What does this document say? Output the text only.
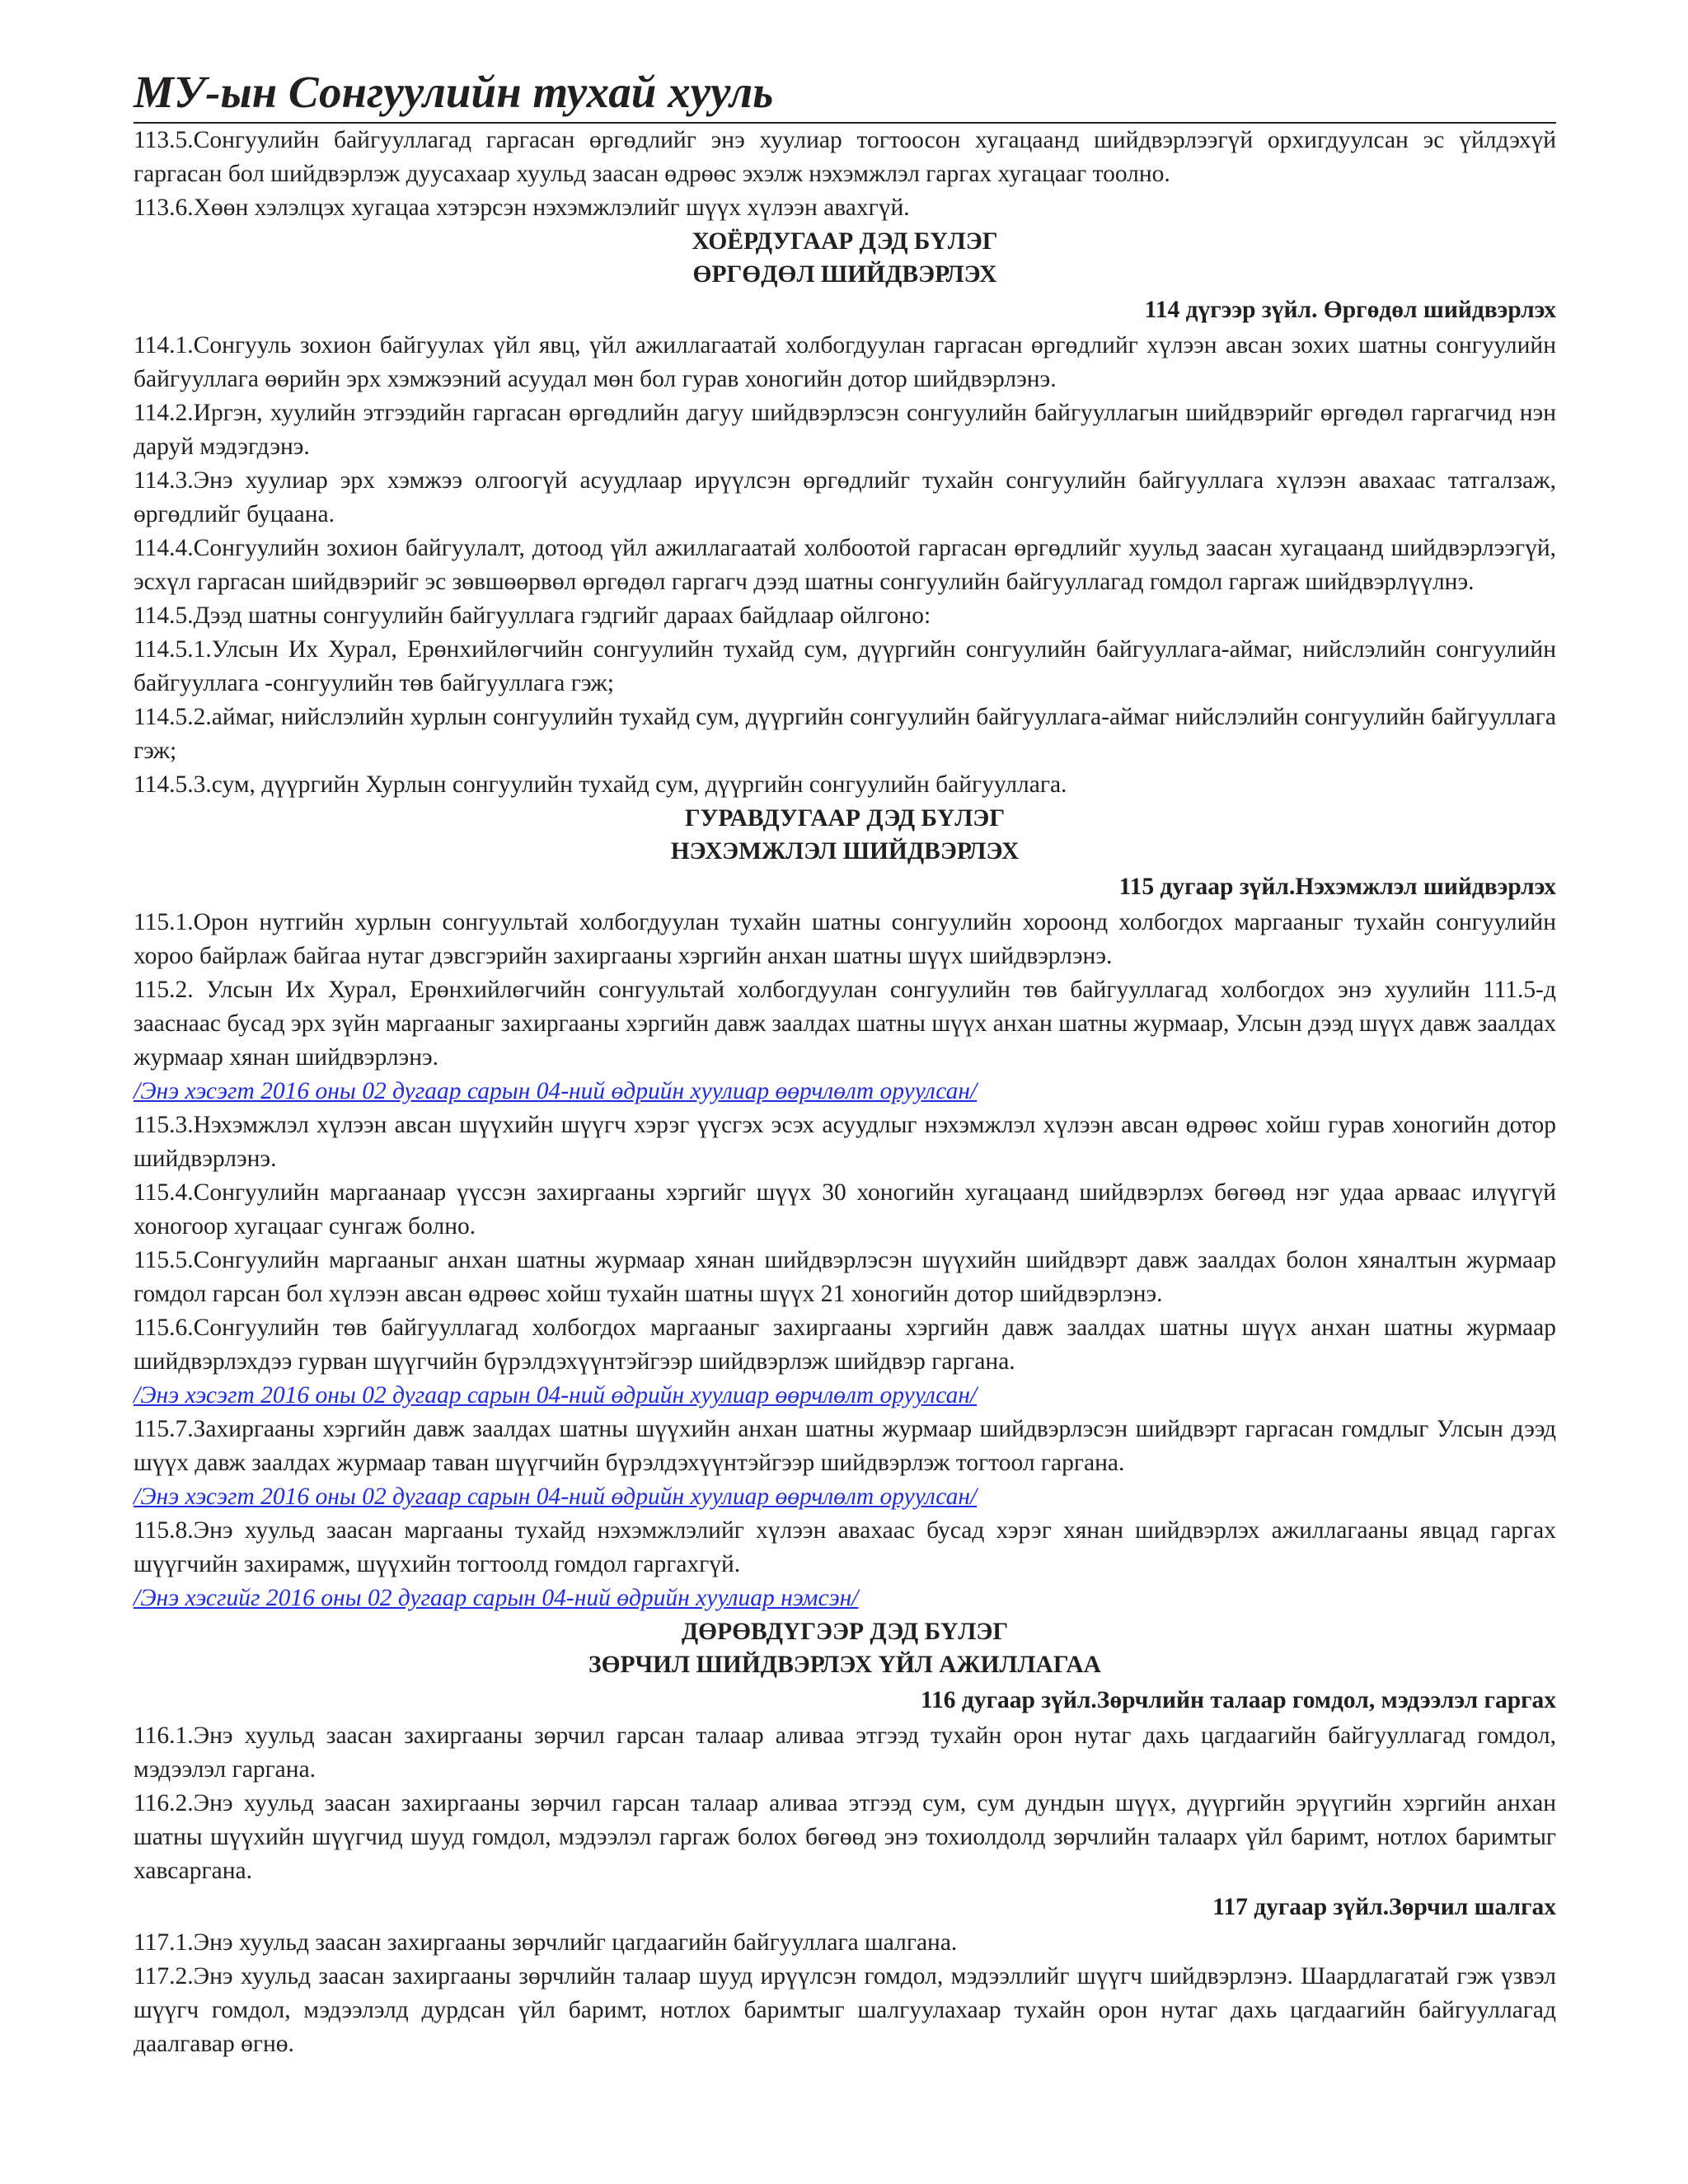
МУ-ын Сонгуулийн тухай хууль

113.5.Сонгуулийн байгууллагад гаргасан өргөдлийг энэ хуулиар тогтоосон хугацаанд шийдвэрлээгүй орхигдуулсан эс үйлдэхүй гаргасан бол шийдвэрлэж дуусахаар хуульд заасан өдрөөс эхэлж нэхэмжлэл гаргах хугацааг тоолно.

113.6.Хөөн хэлэлцэх хугацаа хэтэрсэн нэхэмжлэлийг шүүх хүлээн авахгүй.

ХОЁРДУГААР ДЭД БҮЛЭГ

ӨРГӨДӨЛ ШИЙДВЭРЛЭХ

114 дүгээр зүйл. Өргөдөл шийдвэрлэх

114.1.Сонгууль зохион байгуулах үйл явц, үйл ажиллагаатай холбогдуулан гаргасан өргөдлийг хүлээн авсан зохих шатны сонгуулийн байгууллага өөрийн эрх хэмжээний асуудал мөн бол гурав хоногийн дотор шийдвэрлэнэ.

114.2.Иргэн, хуулийн этгээдийн гаргасан өргөдлийн дагуу шийдвэрлэсэн сонгуулийн байгууллагын шийдвэрийг өргөдөл гаргагчид нэн даруй мэдэгдэнэ.

114.3.Энэ хуулиар эрх хэмжээ олгоогүй асуудлаар ирүүлсэн өргөдлийг тухайн сонгуулийн байгууллага хүлээн авахаас татгалзаж, өргөдлийг буцаана.

114.4.Сонгуулийн зохион байгуулалт, дотоод үйл ажиллагаатай холбоотой гаргасан өргөдлийг хуульд заасан хугацаанд шийдвэрлээгүй, эсхүл гаргасан шийдвэрийг эс зөвшөөрвөл өргөдөл гаргагч дээд шатны сонгуулийн байгууллагад гомдол гаргаж шийдвэрлүүлнэ.

114.5.Дээд шатны сонгуулийн байгууллага гэдгийг дараах байдлаар ойлгоно:

114.5.1.Улсын Их Хурал, Ерөнхийлөгчийн сонгуулийн тухайд сум, дүүргийн сонгуулийн байгууллага-аймаг, нийслэлийн сонгуулийн байгууллага -сонгуулийн төв байгууллага гэж;

114.5.2.аймаг, нийслэлийн хурлын сонгуулийн тухайд сум, дүүргийн сонгуулийн байгууллага-аймаг нийслэлийн сонгуулийн байгууллага гэж;

114.5.3.сум, дүүргийн Хурлын сонгуулийн тухайд сум, дүүргийн сонгуулийн байгууллага.

ГУРАВДУГААР ДЭД БҮЛЭГ

НЭХЭМЖЛЭЛ ШИЙДВЭРЛЭХ

115 дугаар зүйл.Нэхэмжлэл шийдвэрлэх

115.1.Орон нутгийн хурлын сонгуультай холбогдуулан тухайн шатны сонгуулийн хороонд холбогдох маргааныг тухайн сонгуулийн хороо байрлаж байгаа нутаг дэвсгэрийн захиргааны хэргийн анхан шатны шүүх шийдвэрлэнэ.

115.2. Улсын Их Хурал, Ерөнхийлөгчийн сонгуультай холбогдуулан сонгуулийн төв байгууллагад холбогдох энэ хуулийн 111.5-д зааснаас бусад эрх зүйн маргааныг захиргааны хэргийн давж заалдах шатны шүүх анхан шатны журмаар, Улсын дээд шүүх давж заалдах журмаар хянан шийдвэрлэнэ.

/Энэ хэсэгт 2016 оны 02 дугаар сарын 04-ний өдрийн хуулиар өөрчлөлт оруулсан/

115.3.Нэхэмжлэл хүлээн авсан шүүхийн шүүгч хэрэг үүсгэх эсэх асуудлыг нэхэмжлэл хүлээн авсан өдрөөс хойш гурав хоногийн дотор шийдвэрлэнэ.

115.4.Сонгуулийн маргаанаар үүссэн захиргааны хэргийг шүүх 30 хоногийн хугацаанд шийдвэрлэх бөгөөд нэг удаа арваас илүүгүй хоногоор хугацааг сунгаж болно.

115.5.Сонгуулийн маргааныг анхан шатны журмаар хянан шийдвэрлэсэн шүүхийн шийдвэрт давж заалдах болон хяналтын журмаар гомдол гарсан бол хүлээн авсан өдрөөс хойш тухайн шатны шүүх 21 хоногийн дотор шийдвэрлэнэ.

115.6.Сонгуулийн төв байгууллагад холбогдох маргааныг захиргааны хэргийн давж заалдах шатны шүүх анхан шатны журмаар шийдвэрлэхдээ гурван шүүгчийн бүрэлдэхүүнтэйгээр шийдвэрлэж шийдвэр гаргана.

/Энэ хэсэгт 2016 оны 02 дугаар сарын 04-ний өдрийн хуулиар өөрчлөлт оруулсан/

115.7.Захиргааны хэргийн давж заалдах шатны шүүхийн анхан шатны журмаар шийдвэрлэсэн шийдвэрт гаргасан гомдлыг Улсын дээд шүүх давж заалдах журмаар таван шүүгчийн бүрэлдэхүүнтэйгээр шийдвэрлэж тогтоол гаргана.

/Энэ хэсэгт 2016 оны 02 дугаар сарын 04-ний өдрийн хуулиар өөрчлөлт оруулсан/

115.8.Энэ хуульд заасан маргааны тухайд нэхэмжлэлийг хүлээн авахаас бусад хэрэг хянан шийдвэрлэх ажиллагааны явцад гаргах шүүгчийн захирамж, шүүхийн тогтоолд гомдол гаргахгүй.

/Энэ хэсгийг 2016 оны 02 дугаар сарын 04-ний өдрийн хуулиар нэмсэн/

ДӨРӨВДҮГЭЭР ДЭД БҮЛЭГ

ЗӨРЧИЛ ШИЙДВЭРЛЭХ ҮЙЛ АЖИЛЛАГАА

116 дугаар зүйл.Зөрчлийн талаар гомдол, мэдээлэл гаргах

116.1.Энэ хуульд заасан захиргааны зөрчил гарсан талаар аливаа этгээд тухайн орон нутаг дахь цагдаагийн байгууллагад гомдол, мэдээлэл гаргана.

116.2.Энэ хуульд заасан захиргааны зөрчил гарсан талаар аливаа этгээд сум, сум дундын шүүх, дүүргийн эрүүгийн хэргийн анхан шатны шүүхийн шүүгчид шууд гомдол, мэдээлэл гаргаж болох бөгөөд энэ тохиолдолд зөрчлийн талаарх үйл баримт, нотлох баримтыг хавсаргана.

117 дугаар зүйл.Зөрчил шалгах

117.1.Энэ хуульд заасан захиргааны зөрчлийг цагдаагийн байгууллага шалгана.

117.2.Энэ хуульд заасан захиргааны зөрчлийн талаар шууд ирүүлсэн гомдол, мэдээллийг шүүгч шийдвэрлэнэ. Шаардлагатай гэж үзвэл шүүгч гомдол, мэдээлэлд дурдсан үйл баримт, нотлох баримтыг шалгуулахаар тухайн орон нутаг дахь цагдаагийн байгууллагад даалгавар өгнө.
